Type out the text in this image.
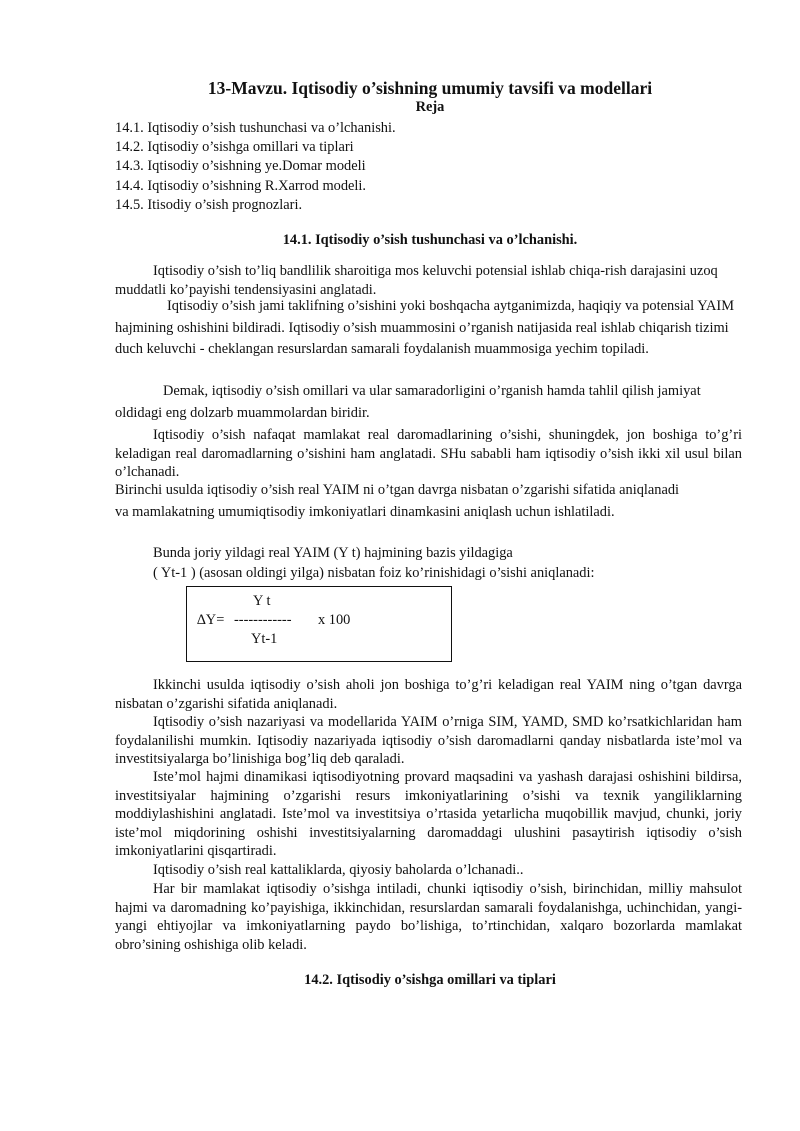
13-Mavzu. Iqtisodiy o’sishning umumiy tavsifi va modellari
Reja
14.1. Iqtisodiy o’sish tushunchasi va o’lchanishi.
14.2. Iqtisodiy o’sishga omillari va tiplari
14.3. Iqtisodiy o’sishning ye.Domar modeli
14.4. Iqtisodiy o’sishning R.Xarrod modeli.
14.5. Itisodiy o’sish prognozlari.
14.1. Iqtisodiy o’sish tushunchasi va o’lchanishi.

Iqtisodiy o’sish to’liq bandlilik sharoitiga mos keluvchi potensial ishlab chiqa-rish darajasini uzoq muddatli ko’payishi tendensiyasini anglatadi.

Iqtisodiy o’sish jami taklifning o’sishini yoki boshqacha aytganimizda, haqiqiy va potensial YAIM hajmining oshishini bildiradi. Iqtisodiy o’sish muammosini o’rganish natijasida real ishlab chiqarish tizimi duch keluvchi - cheklangan resurslardan samarali foydalanish muammosiga yechim topiladi.

Demak, iqtisodiy o’sish omillari va ular samaradorligini o’rganish hamda tahlil qilish jamiyat oldidagi eng dolzarb muammolardan biridir.

Iqtisodiy o’sish nafaqat mamlakat real daromadlarining o’sishi, shuningdek, jon boshiga to’g’ri keladigan real daromadlarning o’sishini ham anglatadi. SHu sababli ham iqtisodiy o’sish ikki xil usul bilan o’lchanadi.

Birinchi usulda iqtisodiy o’sish real YAIM ni o’tgan davrga nisbatan o’zgarishi sifatida aniqlanadi va mamlakatning umumiqtisodiy imkoniyatlari dinamkasini aniqlash uchun ishlatiladi.

Bunda joriy yildagi real YAIM (Y t) hajmining bazis yildagiga

( Yt-1 ) (asosan oldingi yilga) nisbatan foiz ko’rinishidagi o’sishi aniqlanadi:

Y t
∆Y= ------------ x 100
Yt-1

Ikkinchi usulda iqtisodiy o’sish aholi jon boshiga to’g’ri keladigan real YAIM ning o’tgan davrga nisbatan o’zgarishi sifatida aniqlanadi.

Iqtisodiy o’sish nazariyasi va modellarida YAIM o’rniga SIM, YAMD, SMD ko’rsatkichlaridan ham foydalanilishi mumkin. Iqtisodiy nazariyada iqtisodiy o’sish daromadlarni qanday nisbatlarda iste’mol va investitsiyalarga bo’linishiga bog’liq deb qaraladi.

Iste’mol hajmi dinamikasi iqtisodiyotning provard maqsadini va yashash darajasi oshishini bildirsa, investitsiyalar hajmining o’zgarishi resurs imkoniyatlarining o’sishi va texnik yangiliklarning moddiylashishini anglatadi. Iste’mol va investitsiya o’rtasida yetarlicha muqobillik mavjud, chunki, joriy iste’mol miqdorining oshishi investitsiyalarning daromaddagi ulushini pasaytirish iqtisodiy o’sish imkoniyatlarini qisqartiradi.

Iqtisodiy o’sish real kattaliklarda, qiyosiy baholarda o’lchanadi..

Har bir mamlakat iqtisodiy o’sishga intiladi, chunki iqtisodiy o’sish, birinchidan, milliy mahsulot hajmi va daromadning ko’payishiga, ikkinchidan, resurslardan samarali foydalanishga, uchinchidan, yangi-yangi ehtiyojlar va imkoniyatlarning paydo bo’lishiga, to’rtinchidan, xalqaro bozorlarda mamlakat obro’sining oshishiga olib keladi.

14.2. Iqtisodiy o’sishga omillari va tiplari
